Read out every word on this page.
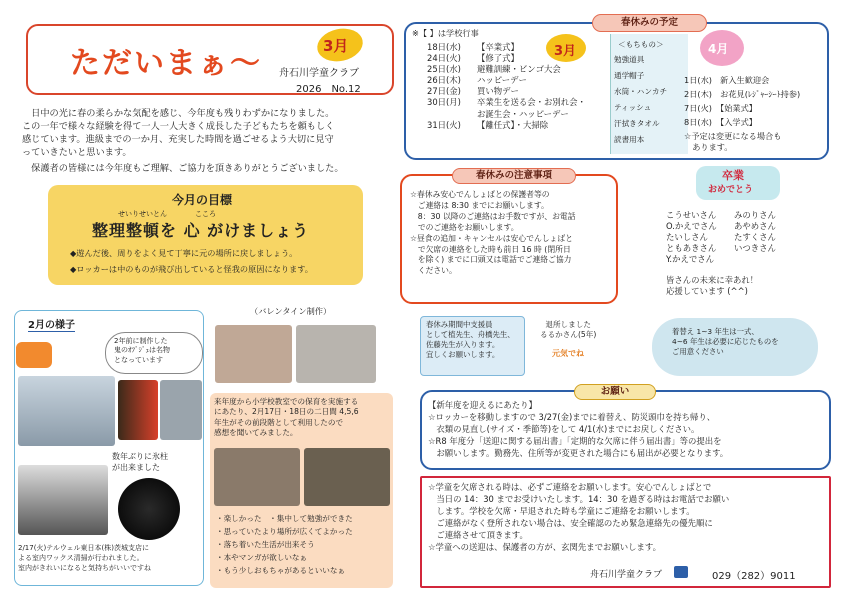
ただいまぁ〜	3月
舟石川学童クラブ
2026　No.12
　日中の光に春の柔らかな気配を感じ、今年度も残りわずかになりました。
この一年で様々な経験を得て一人一人大きく成長した子どもたちを頼もしく
感じています。進級までの一か月、充実した時間を過ごせるよう大切に見守
っていきたいと思います。
　保護者の皆様には今年度もご理解、ご協力を頂きありがとうございました。
今月の目標
せいりせいとん　　　　こころ
整理整頓を 心 がけましょう
◆遊んだ後、周りをよく見て丁寧に元の場所に戻しましょう。
◆ロッカーは中のものが飛び出していると怪我の原因になります。
2月の様子
2年前に制作した
鬼のｵﾌﾞｼﾞｪは名物
となっています
数年ぶりに氷柱
が出来ました
2/17(火)テルウェル東日本(株)茨城支店に
よる室内ワックス清掃が行われました。
室内がきれいになると気持ちがいいですね
（バレンタイン制作）
来年度から小学校教室での保育を実施する
にあたり、2月17日・18日の二日間 4,5,6
年生がその前段階として利用したので
感想を聞いてみました。
・楽しかった　・集中して勉強ができた
・思っていたより場所が広くてよかった
・落ち着いた生活が出来そう
・本やマンガが欲しいなぁ
・もう少しおもちゃがあるといいなぁ
※【 】は学校行事
18日(水)	【卒業式】
24日(火)	【修了式】
25日(水)	避難訓練・ビンゴ大会
26日(木)	ハッピーデー
27日(金)	買い物デー
30日(月)	卒業生を送る会・お別れ会・
お誕生会・ハッピーデー
31日(火)	【離任式】・大掃除
3月
春休みの予定
＜もちもの＞
勉強道具
通学帽子
水筒・ハンカチ
ティッシュ
汗拭きタオル
読書用本
4月
1日(水)　新入生歓迎会
2日(木)　お花見(ﾚｼﾞｬｰｼｰﾄ持参)
7日(火)　【始業式】
8日(水)　【入学式】
☆予定は変更になる場合も
　あります。
春休みの注意事項
☆春休み安心でんしょばとの保護者等の
　ご連絡は 8:30 までにお願いします。
　8：30 以降のご連絡はお手数ですが、お電話
　でのご連絡をお願いします。
☆昼食の追加・キャンセルは安心でんしょばと
　で欠席の連絡をした時も前日 16 時 (閉所日
　を除く) までに口頭又は電話でご連絡ご協力
　ください。
卒業
おめでとう
こうせいさん	みのりさん
O.かえでさん	あやめさん
たいしさん	たすくさん
ともあきさん	いつきさん
Y.かえでさん
皆さんの未来に幸あれ！
応援しています (^^)
春休み期間中支援員
として植先生、舟橋先生、
佐藤先生が入ります。
宜しくお願いします。
退所しました
るるかさん(5年)
元気でね
着替え 1~3 年生は一式、
4~6 年生は必要に応じたものを
ご用意ください
お願い
【新年度を迎えるにあたり】
☆ロッカーを移動しますので 3/27(金)までに着替え、防災頭巾を持ち帰り、
　衣類の見直し(サイズ・季節等)をして 4/1(水)までにお戻しください。
☆R8 年度分「送迎に関する届出書」「定期的な欠席に伴う届出書」等の提出を
　お願いします。勤務先、住所等が変更された場合にも届出が必要となります。
☆学童を欠席される時は、必ずご連絡をお願いします。安心でんしょばとで
　当日の 14：30 までお受けいたします。14：30 を過ぎる時はお電話でお願い
　します。学校を欠席・早退された時も学童にご連絡をお願いします。
　ご連絡がなく登所されない場合は、安全確認のため緊急連絡先の優先順に
　ご連絡させて頂きます。
☆学童への送迎は、保護者の方が、玄関先までお願いします。
舟石川学童クラブ	029（282）9011
